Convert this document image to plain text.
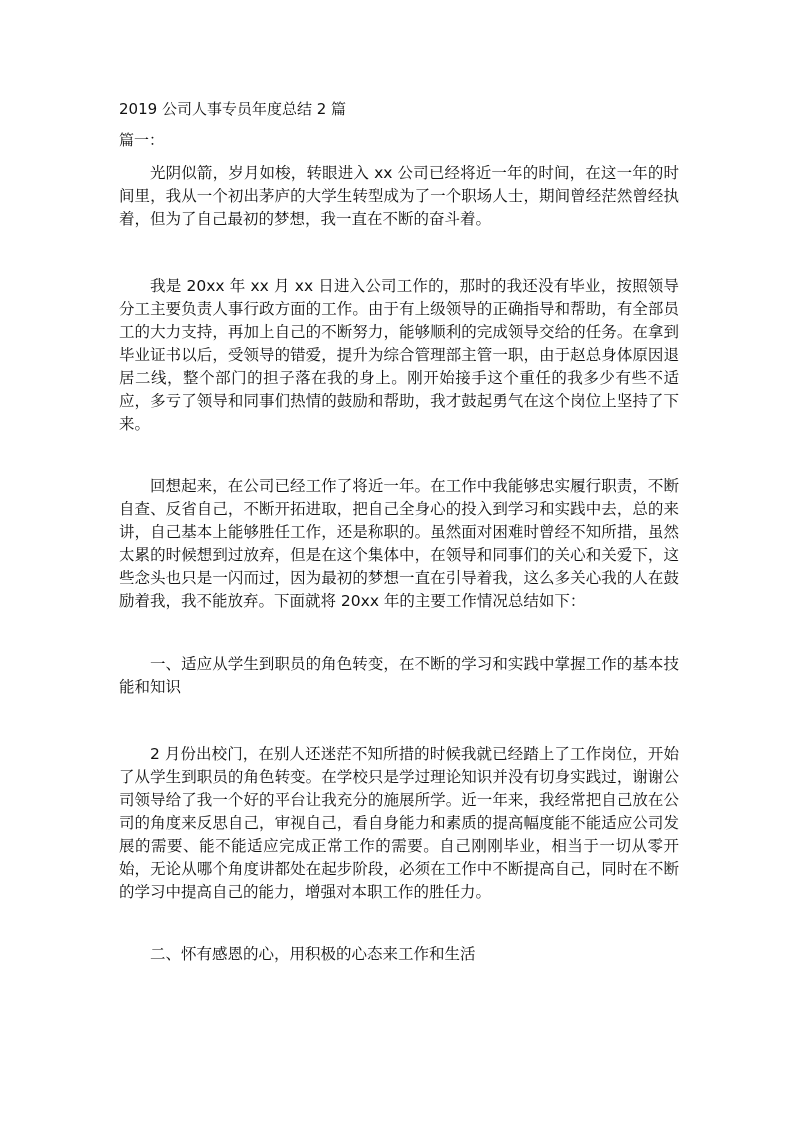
2019 公司人事专员年度总结 2 篇

篇一：

光阴似箭，岁月如梭，转眼进入 xx 公司已经将近一年的时间，在这一年的时间里，我从一个初出茅庐的大学生转型成为了一个职场人士，期间曾经茫然曾经执着，但为了自己最初的梦想，我一直在不断的奋斗着。

我是 20xx 年 xx 月 xx 日进入公司工作的，那时的我还没有毕业，按照领导分工主要负责人事行政方面的工作。由于有上级领导的正确指导和帮助，有全部员工的大力支持，再加上自己的不断努力，能够顺利的完成领导交给的任务。在拿到毕业证书以后，受领导的错爱，提升为综合管理部主管一职，由于赵总身体原因退居二线，整个部门的担子落在我的身上。刚开始接手这个重任的我多少有些不适应，多亏了领导和同事们热情的鼓励和帮助，我才鼓起勇气在这个岗位上坚持了下来。

回想起来，在公司已经工作了将近一年。在工作中我能够忠实履行职责，不断自查、反省自己，不断开拓进取，把自己全身心的投入到学习和实践中去，总的来讲，自己基本上能够胜任工作，还是称职的。虽然面对困难时曾经不知所措，虽然太累的时候想到过放弃，但是在这个集体中，在领导和同事们的关心和关爱下，这些念头也只是一闪而过，因为最初的梦想一直在引导着我，这么多关心我的人在鼓励着我，我不能放弃。下面就将 20xx 年的主要工作情况总结如下：

一、适应从学生到职员的角色转变，在不断的学习和实践中掌握工作的基本技能和知识

2 月份出校门，在别人还迷茫不知所措的时候我就已经踏上了工作岗位，开始了从学生到职员的角色转变。在学校只是学过理论知识并没有切身实践过，谢谢公司领导给了我一个好的平台让我充分的施展所学。近一年来，我经常把自己放在公司的角度来反思自己，审视自己，看自身能力和素质的提高幅度能不能适应公司发展的需要、能不能适应完成正常工作的需要。自己刚刚毕业，相当于一切从零开始，无论从哪个角度讲都处在起步阶段，必须在工作中不断提高自己，同时在不断的学习中提高自己的能力，增强对本职工作的胜任力。

二、怀有感恩的心，用积极的心态来工作和生活
